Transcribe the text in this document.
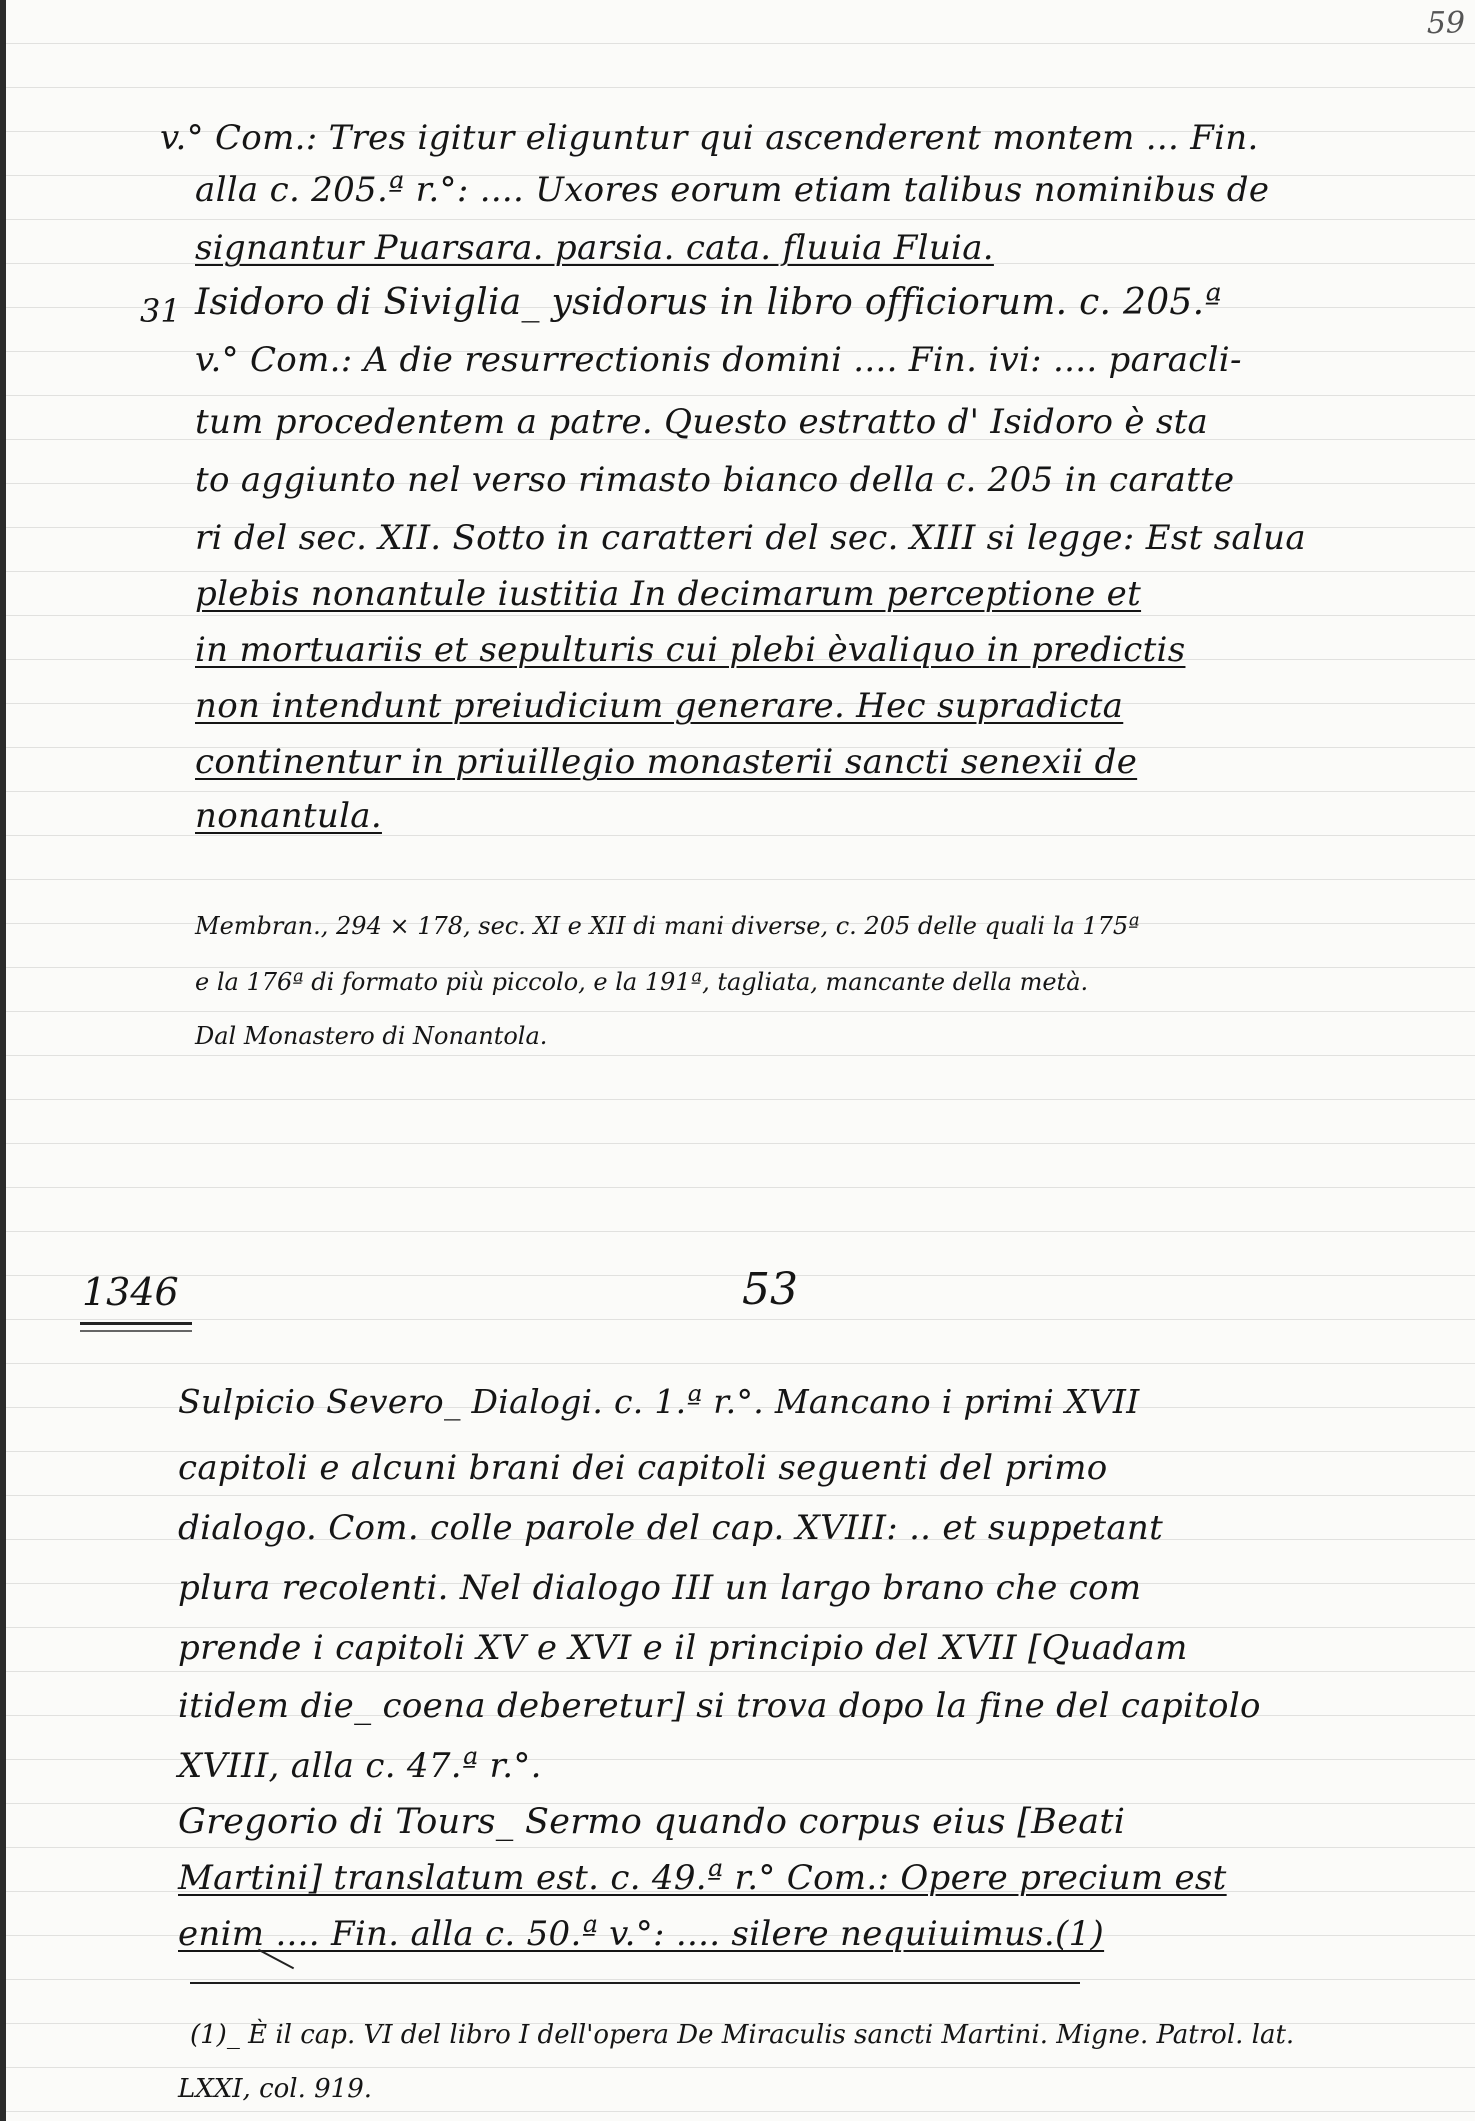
59
v.° Com.: Tres igitur eliguntur qui ascenderent montem ... Fin.
alla c. 205.ª r.°: .... Uxores eorum etiam talibus nominibus de
signantur Puarsara. parsia. cata. fluuia Fluia.
31 Isidoro di Siviglia_ ysidorus in libro officiorum. c. 205.ª
v.° Com.: A die resurrectionis domini .... Fin. ivi: .... paracli-
tum procedentem a patre. Questo estratto d' Isidoro è sta
to aggiunto nel verso rimasto bianco della c. 205 in caratte
ri del sec. XII. Sotto in caratteri del sec. XIII si legge: Est salua
plebis nonantule iustitia In decimarum perceptione et
in mortuariis et sepulturis cui plebi èvaliquo in predictis
non intendunt preiudicium generare. Hec supradicta
continentur in priuillegio monasterii sancti senexii de
nonantula.
Membran., 294 × 178, sec. XI e XII di mani diverse, c. 205 delle quali la 175ª
e la 176ª di formato più piccolo, e la 191ª, tagliata, mancante della metà.
Dal Monastero di Nonantola.
1346	53
Sulpicio Severo_ Dialogi. c. 1.ª r.°. Mancano i primi XVII
capitoli e alcuni brani dei capitoli seguenti del primo
dialogo. Com. colle parole del cap. XVIII: .. et suppetant
plura recolenti. Nel dialogo III un largo brano che com
prende i capitoli XV e XVI e il principio del XVII [Quadam
itidem die_ coena deberetur] si trova dopo la fine del capitolo
XVIII, alla c. 47.ª r.°.
Gregorio di Tours_ Sermo quando corpus eius [Beati
Martini] translatum est. c. 49.ª r.° Com.: Opere precium est
enim .... Fin. alla c. 50.ª v.°: .... silere nequiuimus.(1)
(1)_ È il cap. VI del libro I dell'opera De Miraculis sancti Martini. Migne. Patrol. lat.
LXXI, col. 919.
